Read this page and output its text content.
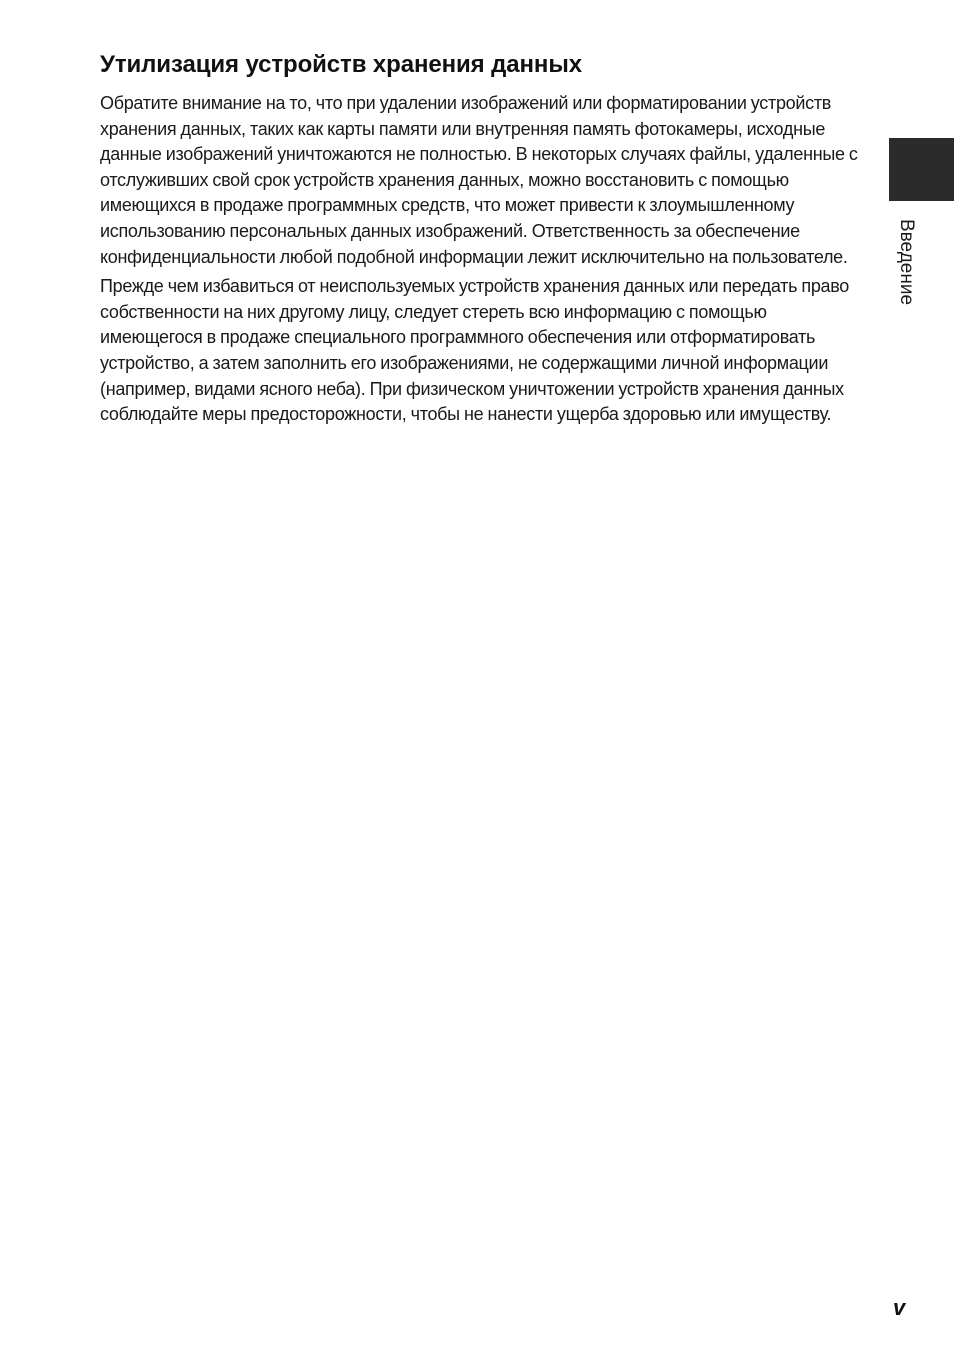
Утилизация устройств хранения данных

Обратите внимание на то, что при удалении изображений или форматировании устройств хранения данных, таких как карты памяти или внутренняя память фотокамеры, исходные данные изображений уничтожаются не полностью. В некоторых случаях файлы, удаленные с отслуживших свой срок устройств хранения данных, можно восстановить с помощью имеющихся в продаже программных средств, что может привести к злоумышленному использованию персональных данных изображений. Ответственность за обеспечение конфиденциальности любой подобной информации лежит исключительно на пользователе.

Прежде чем избавиться от неиспользуемых устройств хранения данных или передать право собственности на них другому лицу, следует стереть всю информацию с помощью имеющегося в продаже специального программного обеспечения или отформатировать устройство, а затем заполнить его изображениями, не содержащими личной информации (например, видами ясного неба). При физическом уничтожении устройств хранения данных соблюдайте меры предосторожности, чтобы не нанести ущерба здоровью или имуществу.

Введение
v
